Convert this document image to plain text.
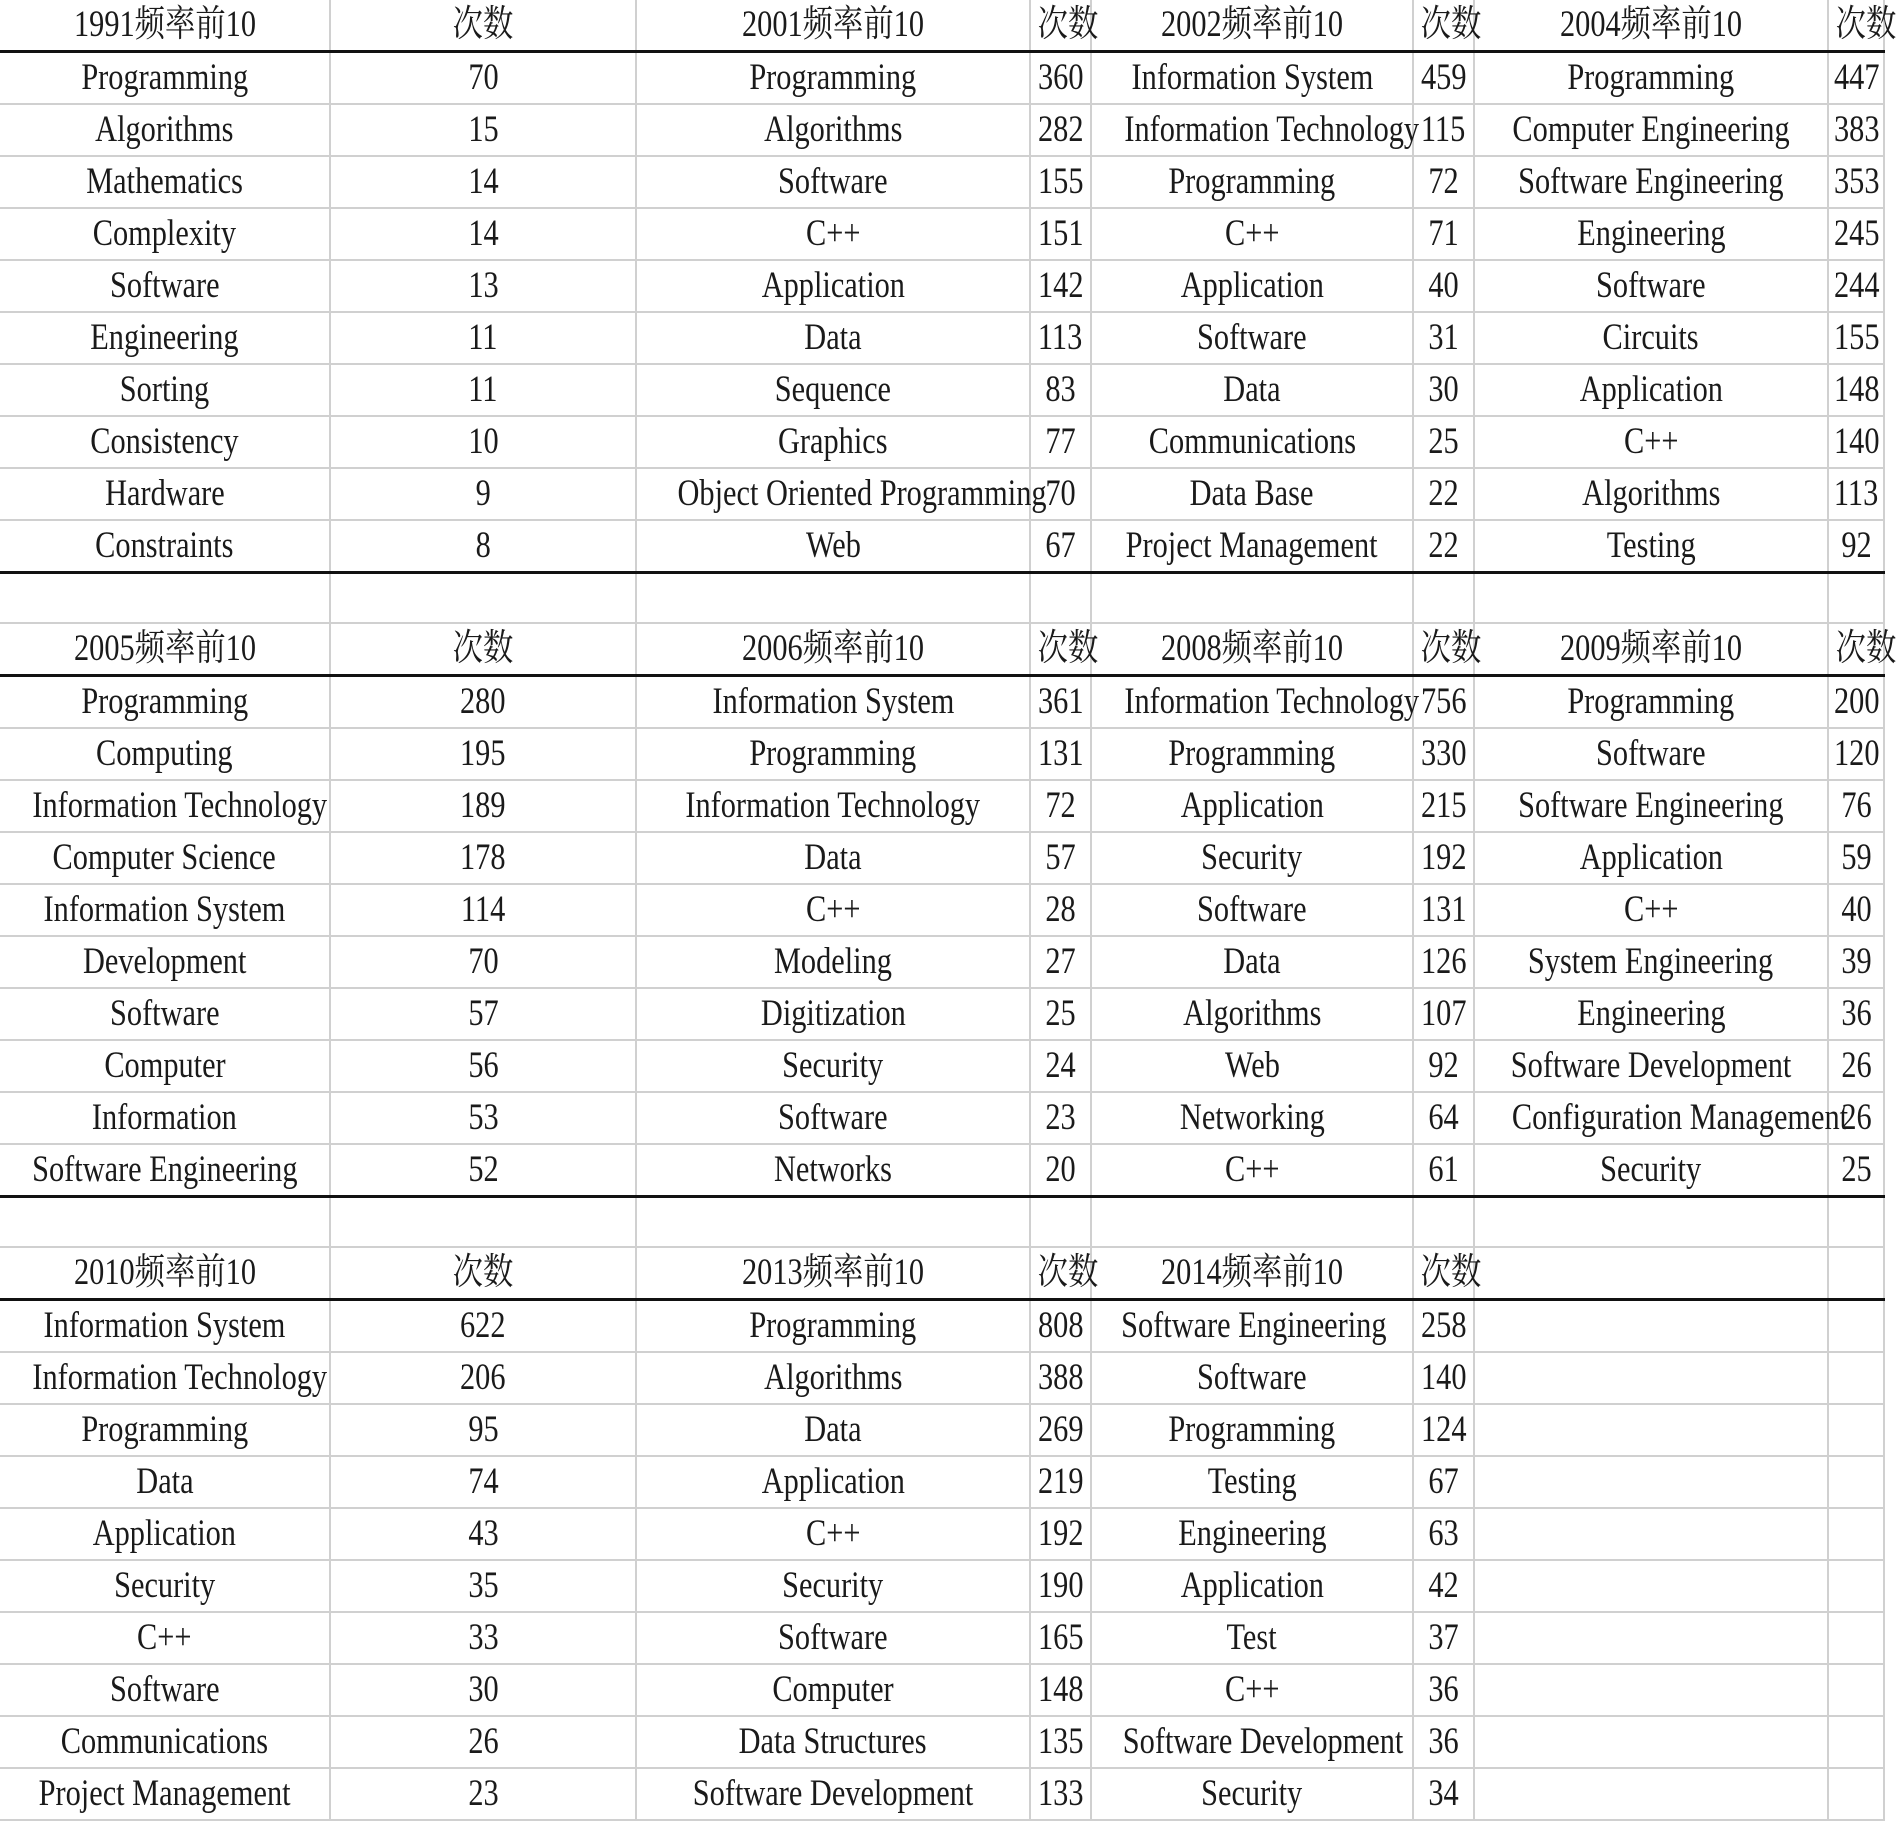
1991频率前10	次数	2001频率前10	次数	2002频率前10	次数	2004频率前10	次数
Programming	70	Programming	360	Information System	459	Programming	447
Algorithms	15	Algorithms	282	Information Technology	115	Computer Engineering	383
Mathematics	14	Software	155	Programming	72	Software Engineering	353
Complexity	14	C++	151	C++	71	Engineering	245
Software	13	Application	142	Application	40	Software	244
Engineering	11	Data	113	Software	31	Circuits	155
Sorting	11	Sequence	83	Data	30	Application	148
Consistency	10	Graphics	77	Communications	25	C++	140
Hardware	9	Object Oriented Programming	70	Data Base	22	Algorithms	113
Constraints	8	Web	67	Project Management	22	Testing	92

2005频率前10	次数	2006频率前10	次数	2008频率前10	次数	2009频率前10	次数
Programming	280	Information System	361	Information Technology	756	Programming	200
Computing	195	Programming	131	Programming	330	Software	120
Information Technology	189	Information Technology	72	Application	215	Software Engineering	76
Computer Science	178	Data	57	Security	192	Application	59
Information System	114	C++	28	Software	131	C++	40
Development	70	Modeling	27	Data	126	System Engineering	39
Software	57	Digitization	25	Algorithms	107	Engineering	36
Computer	56	Security	24	Web	92	Software Development	26
Information	53	Software	23	Networking	64	Configuration Management	26
Software Engineering	52	Networks	20	C++	61	Security	25

2010频率前10	次数	2013频率前10	次数	2014频率前10	次数		
Information System	622	Programming	808	Software Engineering	258		
Information Technology	206	Algorithms	388	Software	140		
Programming	95	Data	269	Programming	124		
Data	74	Application	219	Testing	67		
Application	43	C++	192	Engineering	63		
Security	35	Security	190	Application	42		
C++	33	Software	165	Test	37		
Software	30	Computer	148	C++	36		
Communications	26	Data Structures	135	Software Development	36		
Project Management	23	Software Development	133	Security	34		
